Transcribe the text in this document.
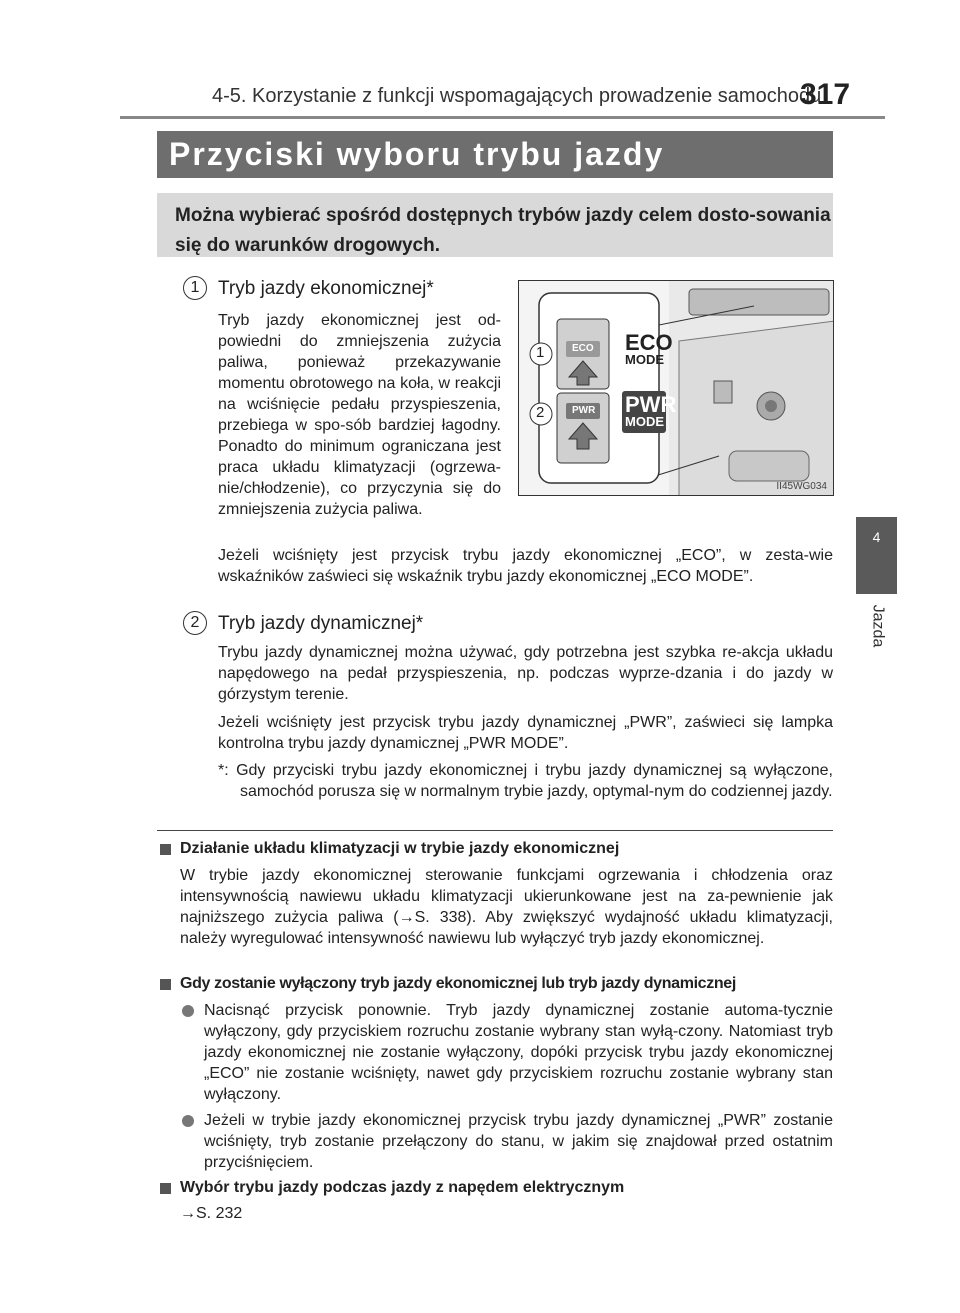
4-5. Korzystanie z funkcji wspomagających prowadzenie samochodu
317
4
Jazda
Przyciski wyboru trybu jazdy
Można wybierać spośród dostępnych trybów jazdy celem dosto-sowania się do warunków drogowych.
1 Tryb jazdy ekonomicznej*
Tryb jazdy ekonomicznej jest od-powiedni do zmniejszenia zużycia paliwa, ponieważ przekazywanie momentu obrotowego na koła, w reakcji na wciśnięcie pedału przyspieszenia, przebiega w spo-sób bardziej łagodny. Ponadto do minimum ograniczana jest praca układu klimatyzacji (ogrzewa-nie/chłodzenie), co przyczynia się do zmniejszenia zużycia paliwa.
Jeżeli wciśnięty jest przycisk trybu jazdy ekonomicznej „ECO”, w zesta-wie wskaźników zaświeci się wskaźnik trybu jazdy ekonomicznej „ECO MODE”.
1
2
ECO
PWR
ECO
MODE
PWR
MODE
II45WG034
2 Tryb jazdy dynamicznej*
Trybu jazdy dynamicznej można używać, gdy potrzebna jest szybka re-akcja układu napędowego na pedał przyspieszenia, np. podczas wyprze-dzania i do jazdy w górzystym terenie.
Jeżeli wciśnięty jest przycisk trybu jazdy dynamicznej „PWR”, zaświeci się lampka kontrolna trybu jazdy dynamicznej „PWR MODE”.
*: Gdy przyciski trybu jazdy ekonomicznej i trybu jazdy dynamicznej są wyłączone, samochód porusza się w normalnym trybie jazdy, optymal-nym do codziennej jazdy.
Działanie układu klimatyzacji w trybie jazdy ekonomicznej
W trybie jazdy ekonomicznej sterowanie funkcjami ogrzewania i chłodzenia oraz intensywnością nawiewu układu klimatyzacji ukierunkowane jest na za-pewnienie jak najniższego zużycia paliwa (→S. 338). Aby zwiększyć wydajność układu klimatyzacji, należy wyregulować intensywność nawiewu lub wyłączyć tryb jazdy ekonomicznej.
Gdy zostanie wyłączony tryb jazdy ekonomicznej lub tryb jazdy dynamicznej
Nacisnąć przycisk ponownie. Tryb jazdy dynamicznej zostanie automa-tycznie wyłączony, gdy przyciskiem rozruchu zostanie wybrany stan wyłą-czony. Natomiast tryb jazdy ekonomicznej nie zostanie wyłączony, dopóki przycisk trybu jazdy ekonomicznej „ECO” nie zostanie wciśnięty, nawet gdy przyciskiem rozruchu zostanie wybrany stan wyłączony.
Jeżeli w trybie jazdy ekonomicznej przycisk trybu jazdy dynamicznej „PWR” zostanie wciśnięty, tryb zostanie przełączony do stanu, w jakim się znajdował przed ostatnim przyciśnięciem.
Wybór trybu jazdy podczas jazdy z napędem elektrycznym
→S. 232
